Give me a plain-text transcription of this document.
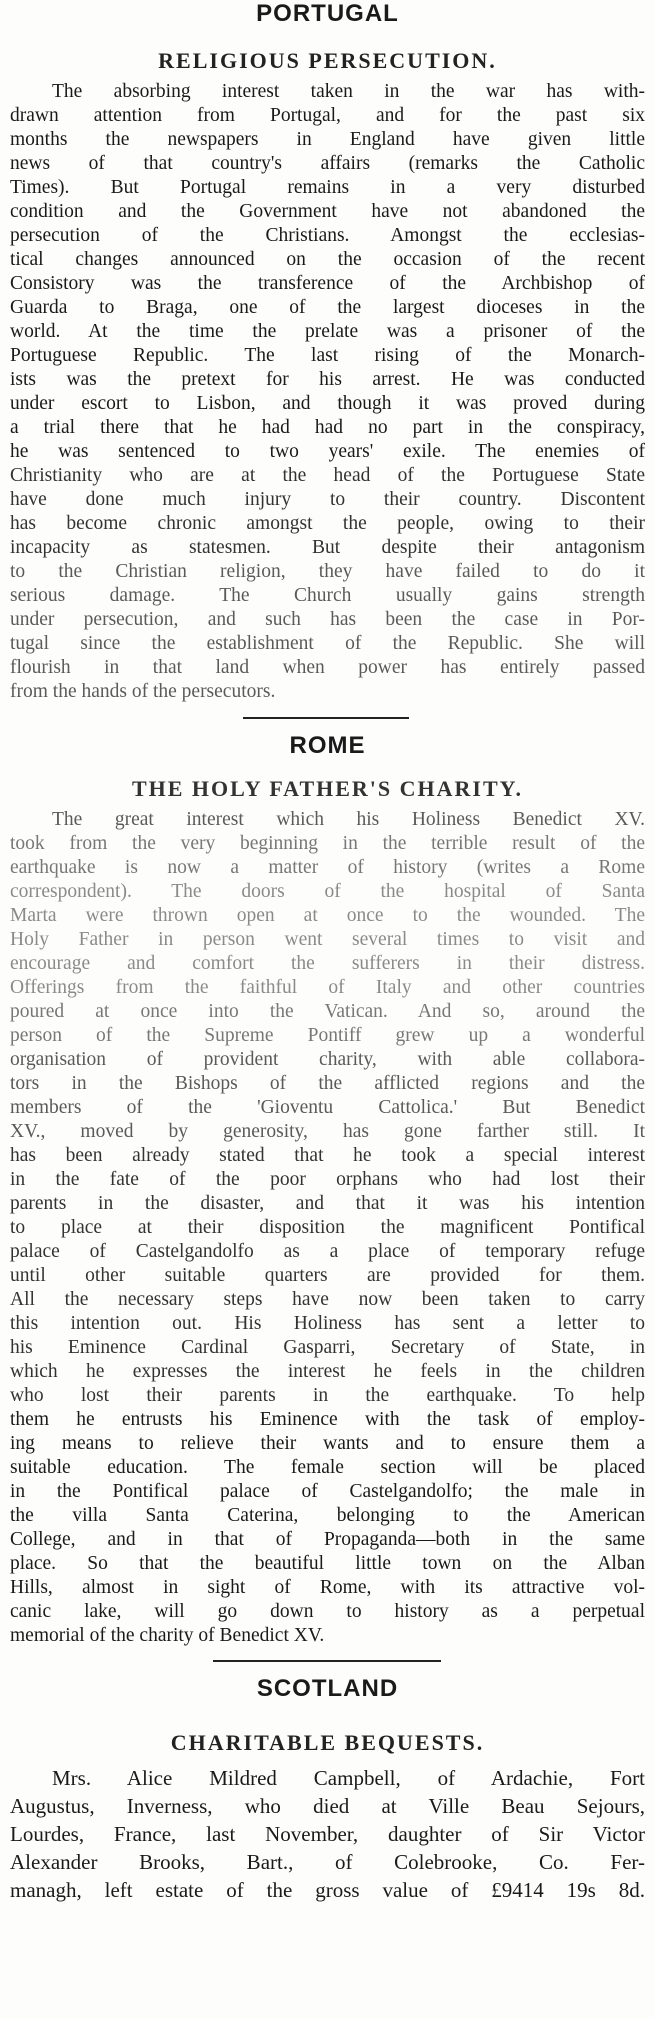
PORTUGAL
RELIGIOUS PERSECUTION.
The absorbing interest taken in the war has with-
drawn attention from Portugal, and for the past six
months the newspapers in England have given little
news of that country's affairs (remarks the Catholic
Times). But Portugal remains in a very disturbed
condition and the Government have not abandoned the
persecution of the Christians. Amongst the ecclesias-
tical changes announced on the occasion of the recent
Consistory was the transference of the Archbishop of
Guarda to Braga, one of the largest dioceses in the
world. At the time the prelate was a prisoner of the
Portuguese Republic. The last rising of the Monarch-
ists was the pretext for his arrest. He was conducted
under escort to Lisbon, and though it was proved during
a trial there that he had had no part in the conspiracy,
he was sentenced to two years' exile. The enemies of
Christianity who are at the head of the Portuguese State
have done much injury to their country. Discontent
has become chronic amongst the people, owing to their
incapacity as statesmen. But despite their antagonism
to the Christian religion, they have failed to do it
serious damage. The Church usually gains strength
under persecution, and such has been the case in Por-
tugal since the establishment of the Republic. She will
flourish in that land when power has entirely passed
from the hands of the persecutors.
ROME
THE HOLY FATHER'S CHARITY.
The great interest which his Holiness Benedict XV.
took from the very beginning in the terrible result of the
earthquake is now a matter of history (writes a Rome
correspondent). The doors of the hospital of Santa
Marta were thrown open at once to the wounded. The
Holy Father in person went several times to visit and
encourage and comfort the sufferers in their distress.
Offerings from the faithful of Italy and other countries
poured at once into the Vatican. And so, around the
person of the Supreme Pontiff grew up a wonderful
organisation of provident charity, with able collabora-
tors in the Bishops of the afflicted regions and the
members of the 'Gioventu Cattolica.' But Benedict
XV., moved by generosity, has gone farther still. It
has been already stated that he took a special interest
in the fate of the poor orphans who had lost their
parents in the disaster, and that it was his intention
to place at their disposition the magnificent Pontifical
palace of Castelgandolfo as a place of temporary refuge
until other suitable quarters are provided for them.
All the necessary steps have now been taken to carry
this intention out. His Holiness has sent a letter to
his Eminence Cardinal Gasparri, Secretary of State, in
which he expresses the interest he feels in the children
who lost their parents in the earthquake. To help
them he entrusts his Eminence with the task of employ-
ing means to relieve their wants and to ensure them a
suitable education. The female section will be placed
in the Pontifical palace of Castelgandolfo; the male in
the villa Santa Caterina, belonging to the American
College, and in that of Propaganda—both in the same
place. So that the beautiful little town on the Alban
Hills, almost in sight of Rome, with its attractive vol-
canic lake, will go down to history as a perpetual
memorial of the charity of Benedict XV.
SCOTLAND
CHARITABLE BEQUESTS.
Mrs. Alice Mildred Campbell, of Ardachie, Fort
Augustus, Inverness, who died at Ville Beau Sejours,
Lourdes, France, last November, daughter of Sir Victor
Alexander Brooks, Bart., of Colebrooke, Co. Fer-
managh, left estate of the gross value of £9414 19s 8d.
